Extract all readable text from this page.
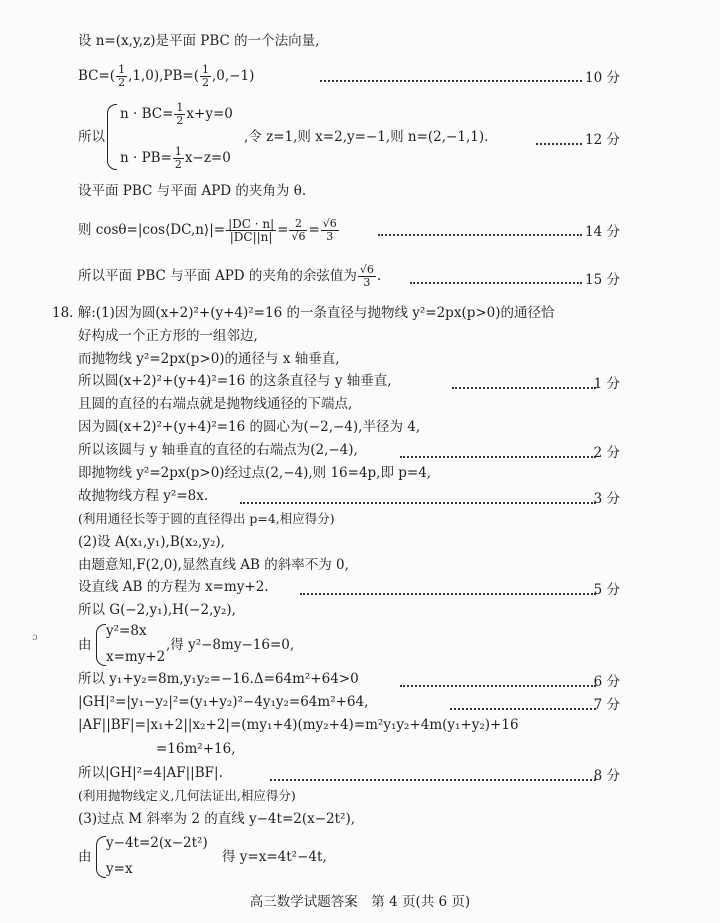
设 n=(x,y,z)是平面 PBC 的一个法向量,
$BC=( \frac{1}{2} ,1,0),PB=( \frac{1}{2} ,0,-1)$	10 分
所以
$n \cdot BC= \frac{1}{2} x+y=0$
$n \cdot PB= \frac{1}{2} x-z=0$
,令 z=1,则 x=2,y=−1,则 n=(2,−1,1).	12 分
设平面 PBC 与平面 APD 的夹角为 θ.
则 cosθ=|cos⟨DC,n⟩|= $\frac{|DC \cdot n|}{|DC||n|} = \frac{2}{√6} = \frac{√6}{3}$	14 分
所以平面 PBC 与平面 APD 的夹角的余弦值为 $\frac{√6}{3}$ .	15 分
18. 解:(1)因为圆(x+2)²+(y+4)²=16 的一条直径与抛物线 y²=2px(p>0)的通径恰
好构成一个正方形的一组邻边,
而抛物线 y²=2px(p>0)的通径与 x 轴垂直,
所以圆(x+2)²+(y+4)²=16 的这条直径与 y 轴垂直,	1 分
且圆的直径的右端点就是抛物线通径的下端点,
因为圆(x+2)²+(y+4)²=16 的圆心为(−2,−4),半径为 4,
所以该圆与 y 轴垂直的直径的右端点为(2,−4),	2 分
即抛物线 y²=2px(p>0)经过点(2,−4),则 16=4p,即 p=4,
故抛物线方程 y²=8x.	3 分
(利用通径长等于圆的直径得出 p=4,相应得分)
(2)设 A(x₁,y₁),B(x₂,y₂),
由题意知,F(2,0),显然直线 AB 的斜率不为 0,
设直线 AB 的方程为 x=my+2.	5 分
所以 G(−2,y₁),H(−2,y₂),
由
y²=8x
x=my+2
,得 y²−8my−16=0,
所以 y₁+y₂=8m,y₁y₂=−16.Δ=64m²+64>0	6 分
|GH|²=|y₁−y₂|²=(y₁+y₂)²−4y₁y₂=64m²+64,	7 分
|AF||BF|=|x₁+2||x₂+2|=(my₁+4)(my₂+4)=m²y₁y₂+4m(y₁+y₂)+16
=16m²+16,
所以|GH|²=4|AF||BF|.	8 分
(利用抛物线定义,几何法证出,相应得分)
(3)过点 M 斜率为 2 的直线 y−4t=2(x−2t²),
由
y−4t=2(x−2t²)
y=x
得 y=x=4t²−4t,
ɔ
高三数学试题答案　第 4 页(共 6 页)
